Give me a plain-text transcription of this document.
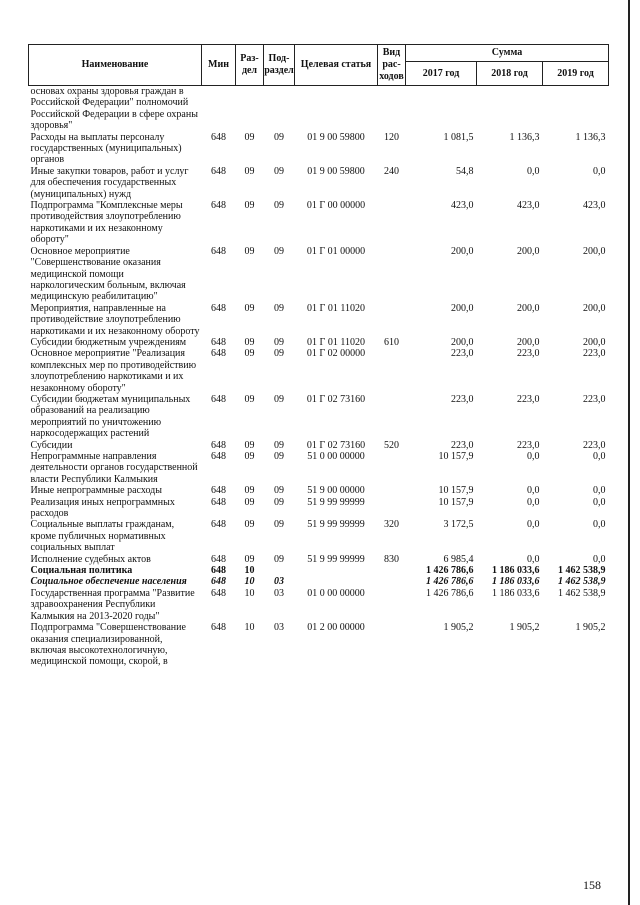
Наименование	Мин	Раз-дел	Под-раздел	Целевая статья	Вид рас-ходов	Сумма		
						2017 год	2018 год	2019 год
основах охраны здоровья граждан в Российской Федерации" полномочий Российской Федерации в сфере охраны здоровья"								
Расходы на выплаты персоналу государственных (муниципальных) органов	648	09	09	01 9 00 59800	120	1 081,5	1 136,3	1 136,3
Иные закупки товаров, работ и услуг для обеспечения государственных (муниципальных) нужд	648	09	09	01 9 00 59800	240	54,8	0,0	0,0
Подпрограмма "Комплексные меры противодействия злоупотреблению наркотиками и их незаконному обороту"	648	09	09	01 Г 00 00000		423,0	423,0	423,0
Основное мероприятие "Совершенствование оказания медицинской помощи наркологическим больным, включая медицинскую реабилитацию"	648	09	09	01 Г 01 00000		200,0	200,0	200,0
Мероприятия, направленные на противодействие злоупотреблению наркотиками и их незаконному обороту	648	09	09	01 Г 01 11020		200,0	200,0	200,0
Субсидии бюджетным учреждениям	648	09	09	01 Г 01 11020	610	200,0	200,0	200,0
Основное мероприятие "Реализация комплексных мер по противодействию злоупотреблению наркотиками и их незаконному обороту"	648	09	09	01 Г 02 00000		223,0	223,0	223,0
Субсидии бюджетам муниципальных образований на реализацию мероприятий по уничтожению наркосодержащих растений	648	09	09	01 Г 02 73160		223,0	223,0	223,0
Субсидии	648	09	09	01 Г 02 73160	520	223,0	223,0	223,0
Непрограммные направления деятельности органов государственной власти Республики Калмыкия	648	09	09	51 0 00 00000		10 157,9	0,0	0,0
Иные непрограммные расходы	648	09	09	51 9 00 00000		10 157,9	0,0	0,0
Реализация иных непрограммных расходов	648	09	09	51 9 99 99999		10 157,9	0,0	0,0
Социальные выплаты гражданам, кроме публичных нормативных социальных выплат	648	09	09	51 9 99 99999	320	3 172,5	0,0	0,0
Исполнение судебных актов	648	09	09	51 9 99 99999	830	6 985,4	0,0	0,0
Социальная политика	648	10				1 426 786,6	1 186 033,6	1 462 538,9
Социальное обеспечение населения	648	10	03			1 426 786,6	1 186 033,6	1 462 538,9
Государственная программа "Развитие здравоохранения Республики Калмыкия на 2013-2020 годы"	648	10	03	01 0 00 00000		1 426 786,6	1 186 033,6	1 462 538,9
Подпрограмма "Совершенствование оказания специализированной, включая высокотехнологичную, медицинской помощи, скорой, в	648	10	03	01 2 00 00000		1 905,2	1 905,2	1 905,2
158
